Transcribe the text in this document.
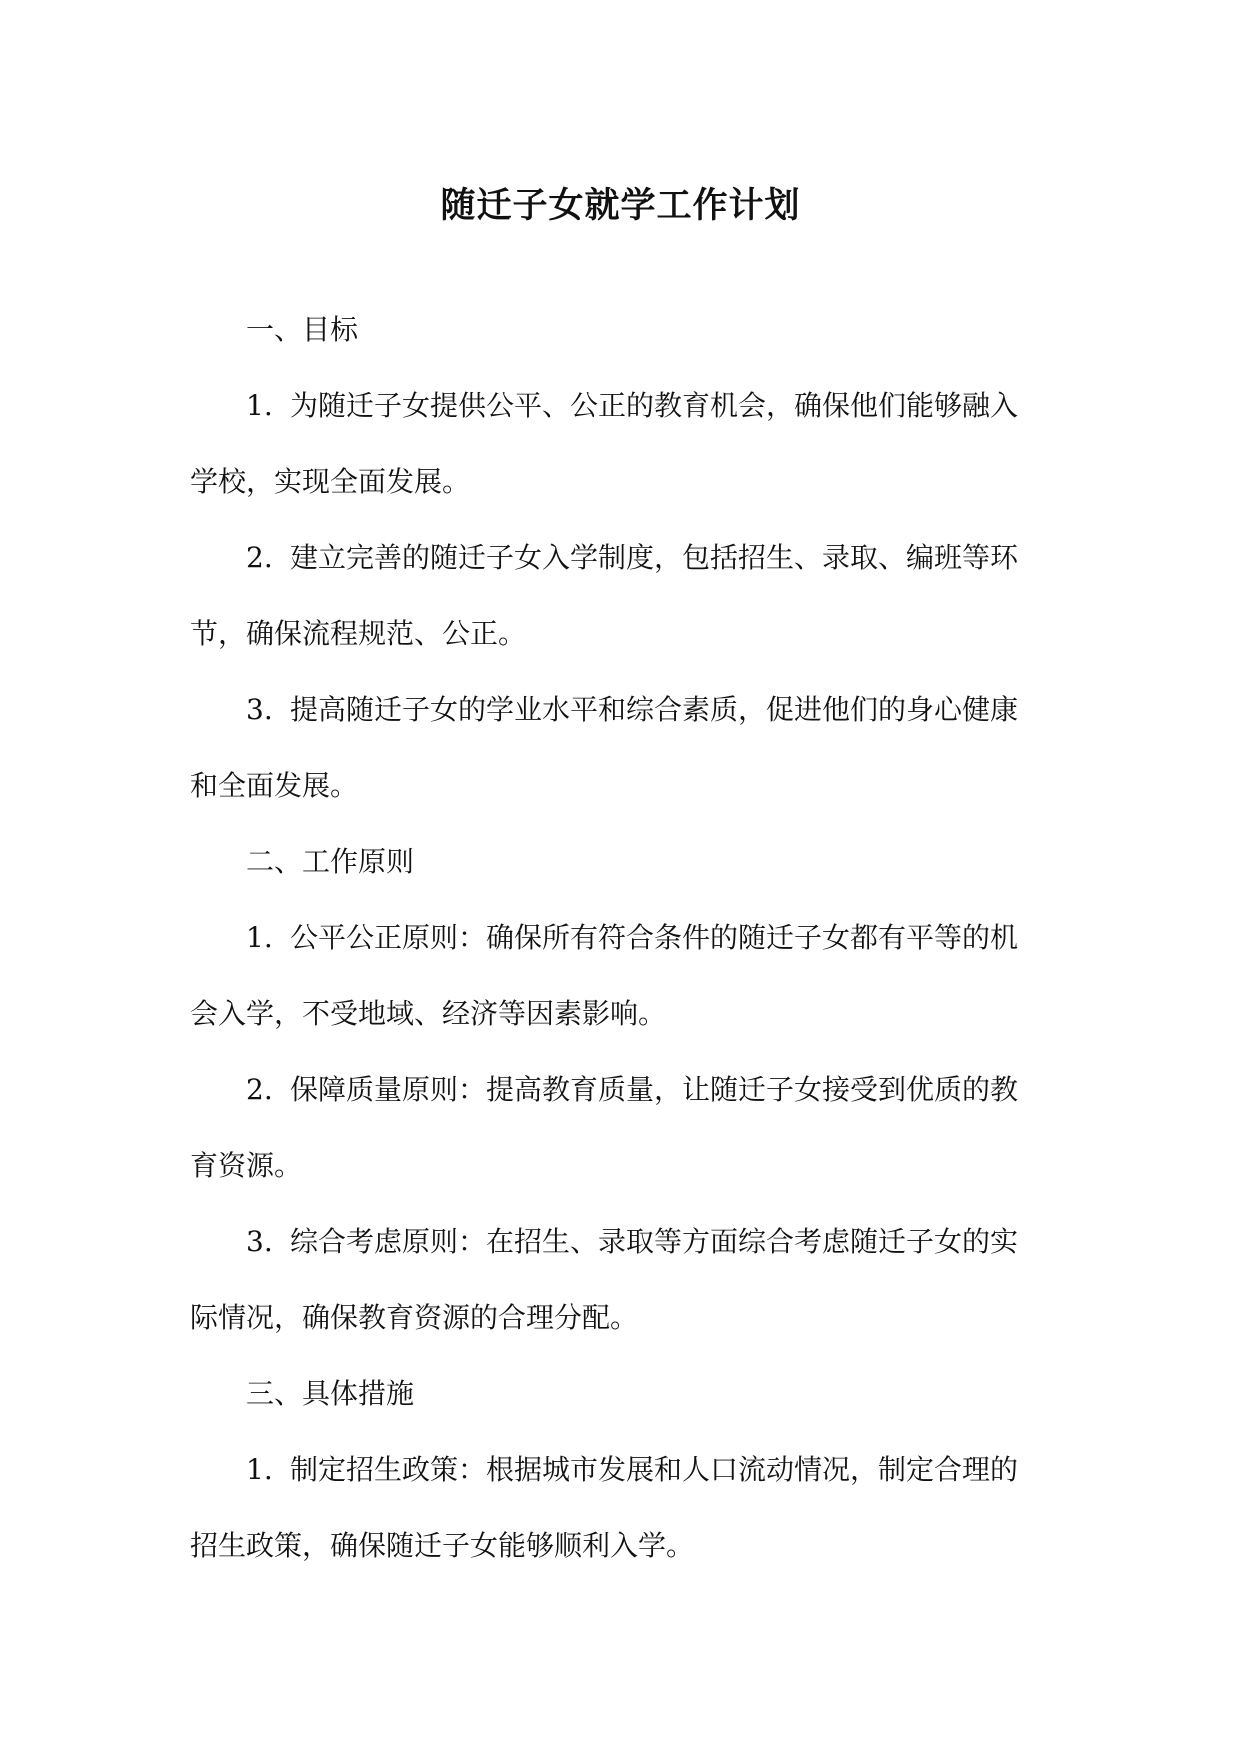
随迁子女就学工作计划
一、目标
1. 为随迁子女提供公平、公正的教育机会，确保他们能够融入
学校，实现全面发展。
2. 建立完善的随迁子女入学制度，包括招生、录取、编班等环
节，确保流程规范、公正。
3. 提高随迁子女的学业水平和综合素质，促进他们的身心健康
和全面发展。
二、工作原则
1. 公平公正原则：确保所有符合条件的随迁子女都有平等的机
会入学，不受地域、经济等因素影响。
2. 保障质量原则：提高教育质量，让随迁子女接受到优质的教
育资源。
3. 综合考虑原则：在招生、录取等方面综合考虑随迁子女的实
际情况，确保教育资源的合理分配。
三、具体措施
1. 制定招生政策：根据城市发展和人口流动情况，制定合理的
招生政策，确保随迁子女能够顺利入学。
